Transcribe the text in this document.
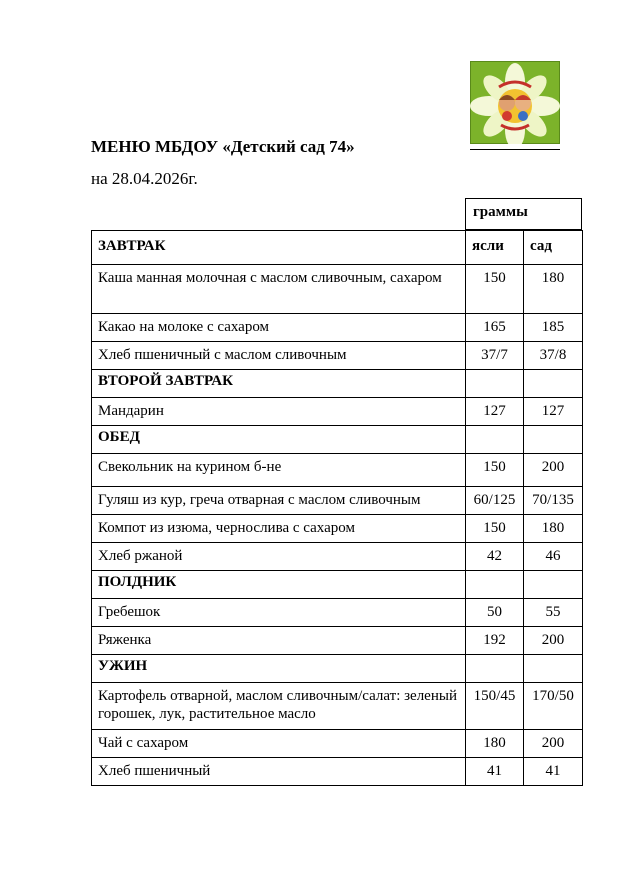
МЕНЮ МБДОУ «Детский сад 74»
на 28.04.2026г.
граммы
ЗАВТРАК	ясли	сад
Каша манная молочная с маслом сливочным, сахаром	150	180
Какао на молоке с сахаром	165	185
Хлеб пшеничный с маслом сливочным	37/7	37/8
ВТОРОЙ ЗАВТРАК		
Мандарин	127	127
ОБЕД		
Свекольник на курином б-не	150	200
Гуляш из кур, греча отварная с маслом сливочным	60/125	70/135
Компот из изюма, чернослива с сахаром	150	180
Хлеб ржаной	42	46
ПОЛДНИК		
Гребешок	50	55
Ряженка	192	200
УЖИН		
Картофель отварной, маслом сливочным/салат: зеленый горошек, лук, растительное масло	150/45	170/50
Чай с сахаром	180	200
Хлеб пшеничный	41	41
